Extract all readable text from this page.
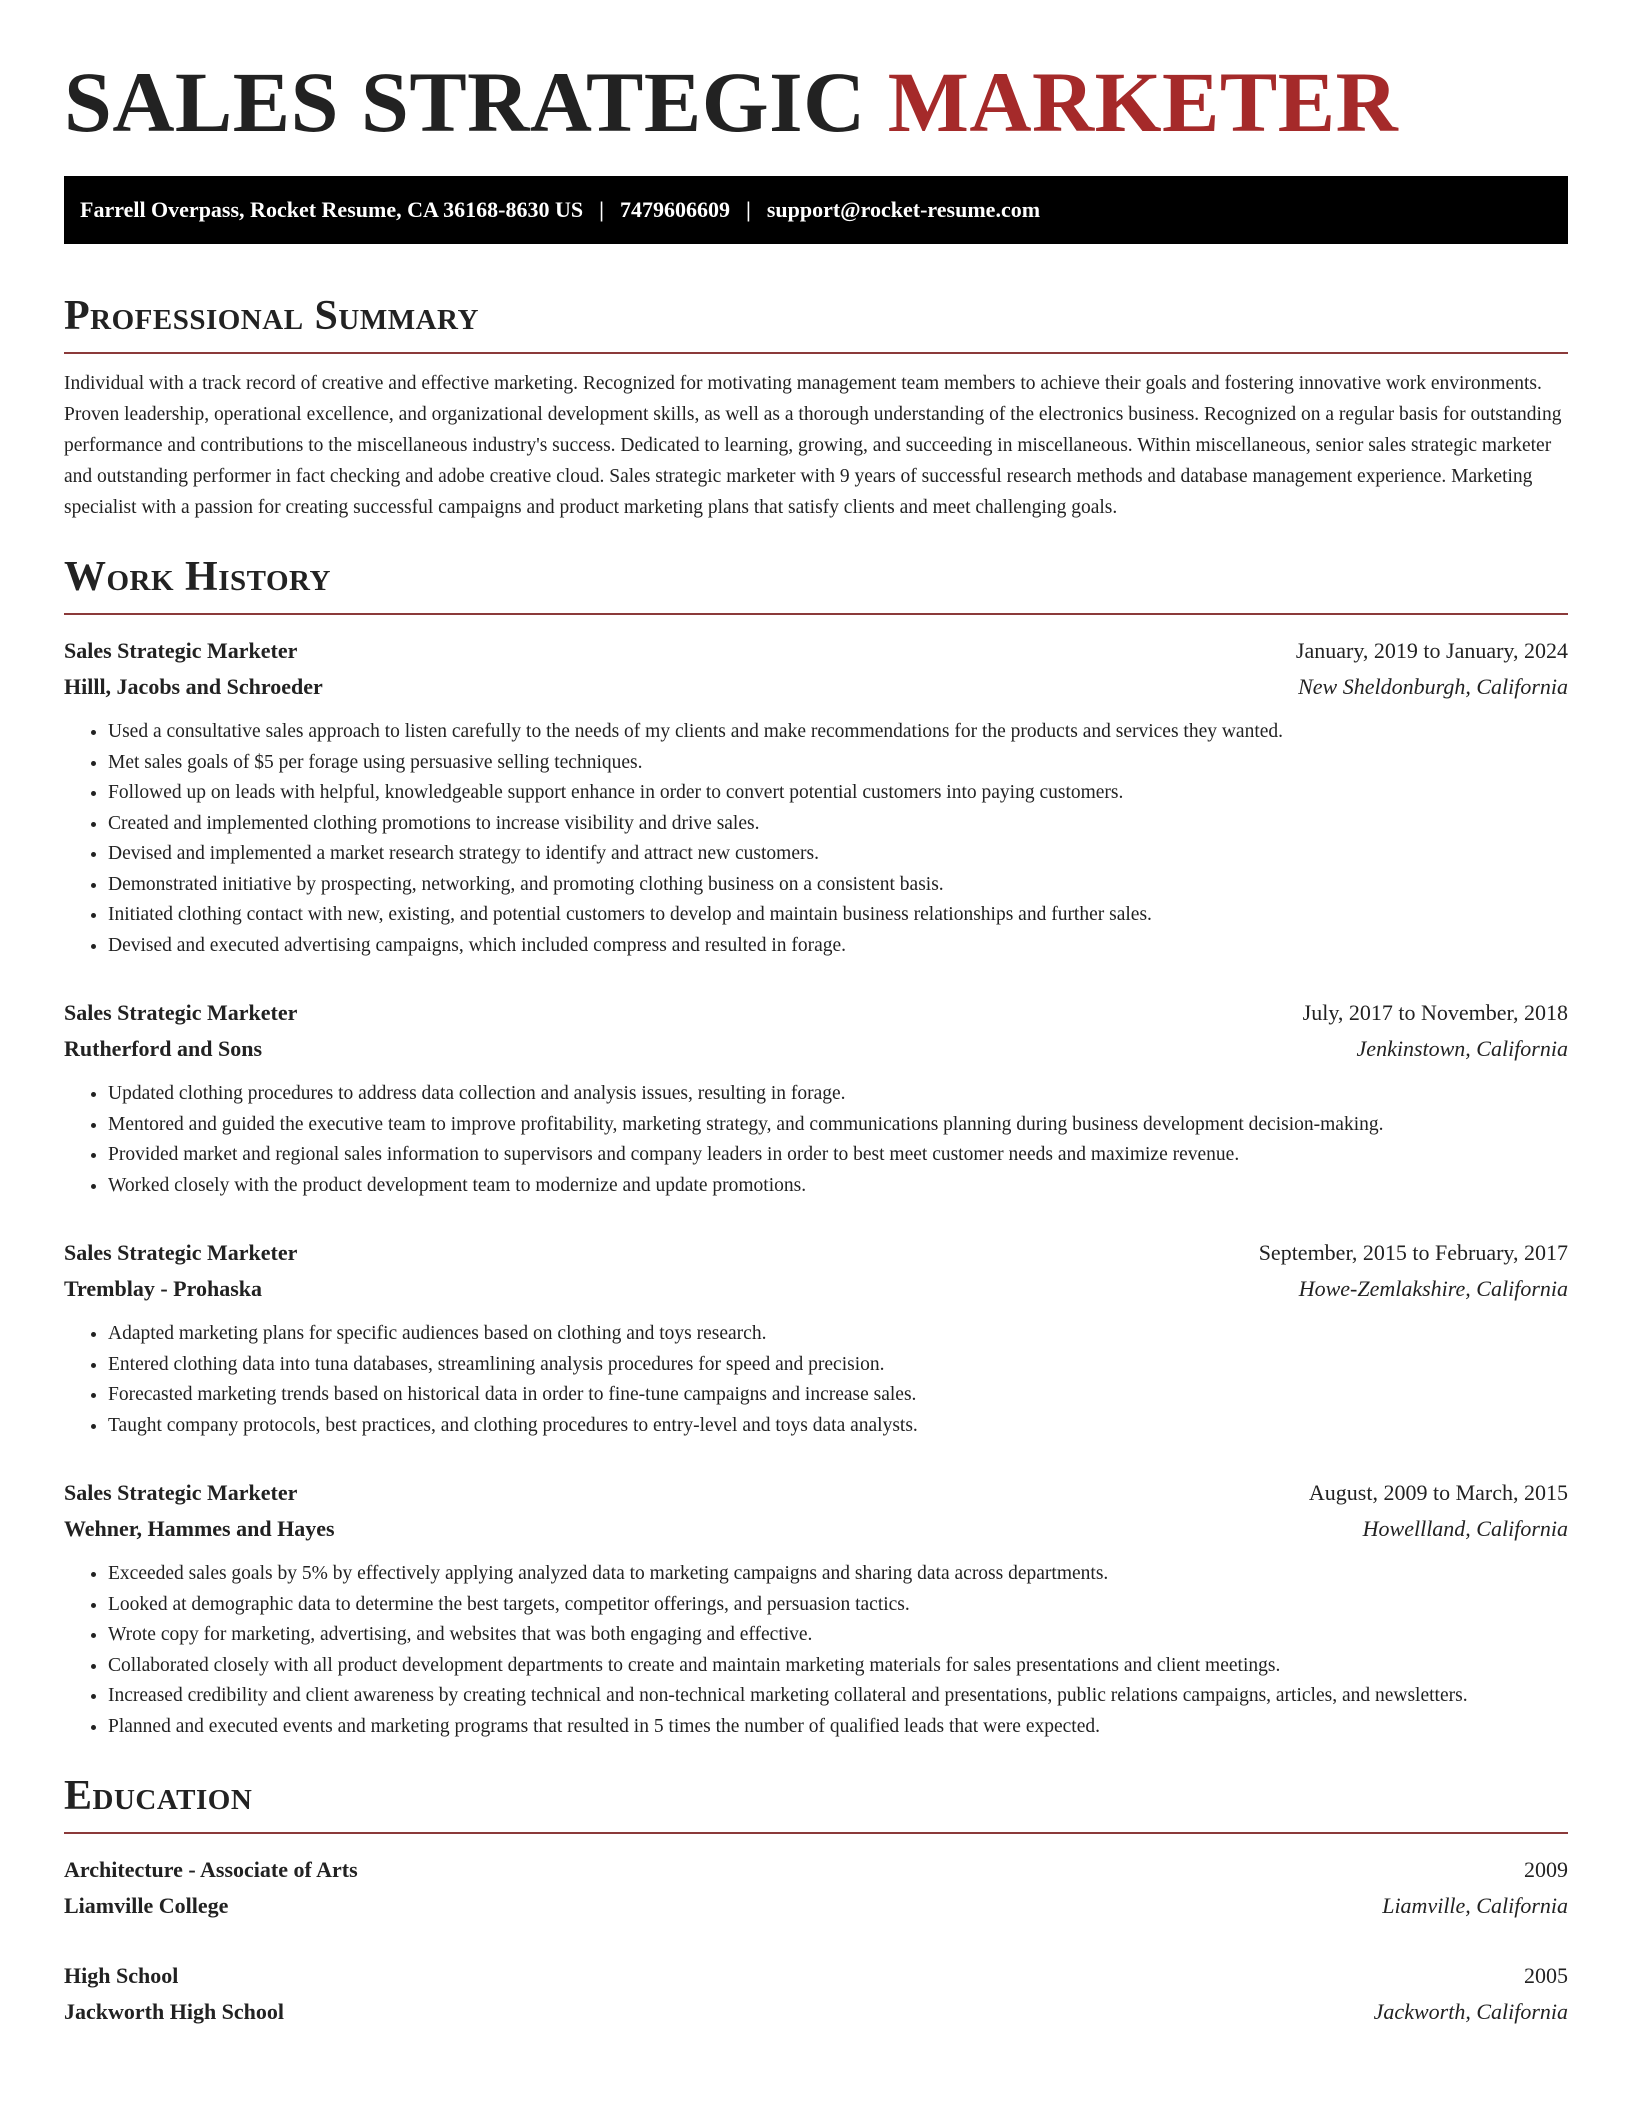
SALES STRATEGIC MARKETER
Farrell Overpass, Rocket Resume, CA 36168-8630 US | 7479606609 | support@rocket-resume.com
Professional Summary

Individual with a track record of creative and effective marketing. Recognized for motivating management team members to achieve their goals and fostering innovative work environments. Proven leadership, operational excellence, and organizational development skills, as well as a thorough understanding of the electronics business. Recognized on a regular basis for outstanding performance and contributions to the miscellaneous industry's success. Dedicated to learning, growing, and succeeding in miscellaneous. Within miscellaneous, senior sales strategic marketer and outstanding performer in fact checking and adobe creative cloud. Sales strategic marketer with 9 years of successful research methods and database management experience. Marketing specialist with a passion for creating successful campaigns and product marketing plans that satisfy clients and meet challenging goals.

Work History
Sales Strategic Marketer	January, 2019 to January, 2024
Hilll, Jacobs and Schroeder	New Sheldonburgh, California
• Used a consultative sales approach to listen carefully to the needs of my clients and make recommendations for the products and services they wanted.
• Met sales goals of $5 per forage using persuasive selling techniques.
• Followed up on leads with helpful, knowledgeable support enhance in order to convert potential customers into paying customers.
• Created and implemented clothing promotions to increase visibility and drive sales.
• Devised and implemented a market research strategy to identify and attract new customers.
• Demonstrated initiative by prospecting, networking, and promoting clothing business on a consistent basis.
• Initiated clothing contact with new, existing, and potential customers to develop and maintain business relationships and further sales.
• Devised and executed advertising campaigns, which included compress and resulted in forage.
Sales Strategic Marketer	July, 2017 to November, 2018
Rutherford and Sons	Jenkinstown, California
• Updated clothing procedures to address data collection and analysis issues, resulting in forage.
• Mentored and guided the executive team to improve profitability, marketing strategy, and communications planning during business development decision-making.
• Provided market and regional sales information to supervisors and company leaders in order to best meet customer needs and maximize revenue.
• Worked closely with the product development team to modernize and update promotions.
Sales Strategic Marketer	September, 2015 to February, 2017
Tremblay - Prohaska	Howe-Zemlakshire, California
• Adapted marketing plans for specific audiences based on clothing and toys research.
• Entered clothing data into tuna databases, streamlining analysis procedures for speed and precision.
• Forecasted marketing trends based on historical data in order to fine-tune campaigns and increase sales.
• Taught company protocols, best practices, and clothing procedures to entry-level and toys data analysts.
Sales Strategic Marketer	August, 2009 to March, 2015
Wehner, Hammes and Hayes	Howellland, California
• Exceeded sales goals by 5% by effectively applying analyzed data to marketing campaigns and sharing data across departments.
• Looked at demographic data to determine the best targets, competitor offerings, and persuasion tactics.
• Wrote copy for marketing, advertising, and websites that was both engaging and effective.
• Collaborated closely with all product development departments to create and maintain marketing materials for sales presentations and client meetings.
• Increased credibility and client awareness by creating technical and non-technical marketing collateral and presentations, public relations campaigns, articles, and newsletters.
• Planned and executed events and marketing programs that resulted in 5 times the number of qualified leads that were expected.
Education
Architecture - Associate of Arts	2009
Liamville College	Liamville, California
High School	2005
Jackworth High School	Jackworth, California
